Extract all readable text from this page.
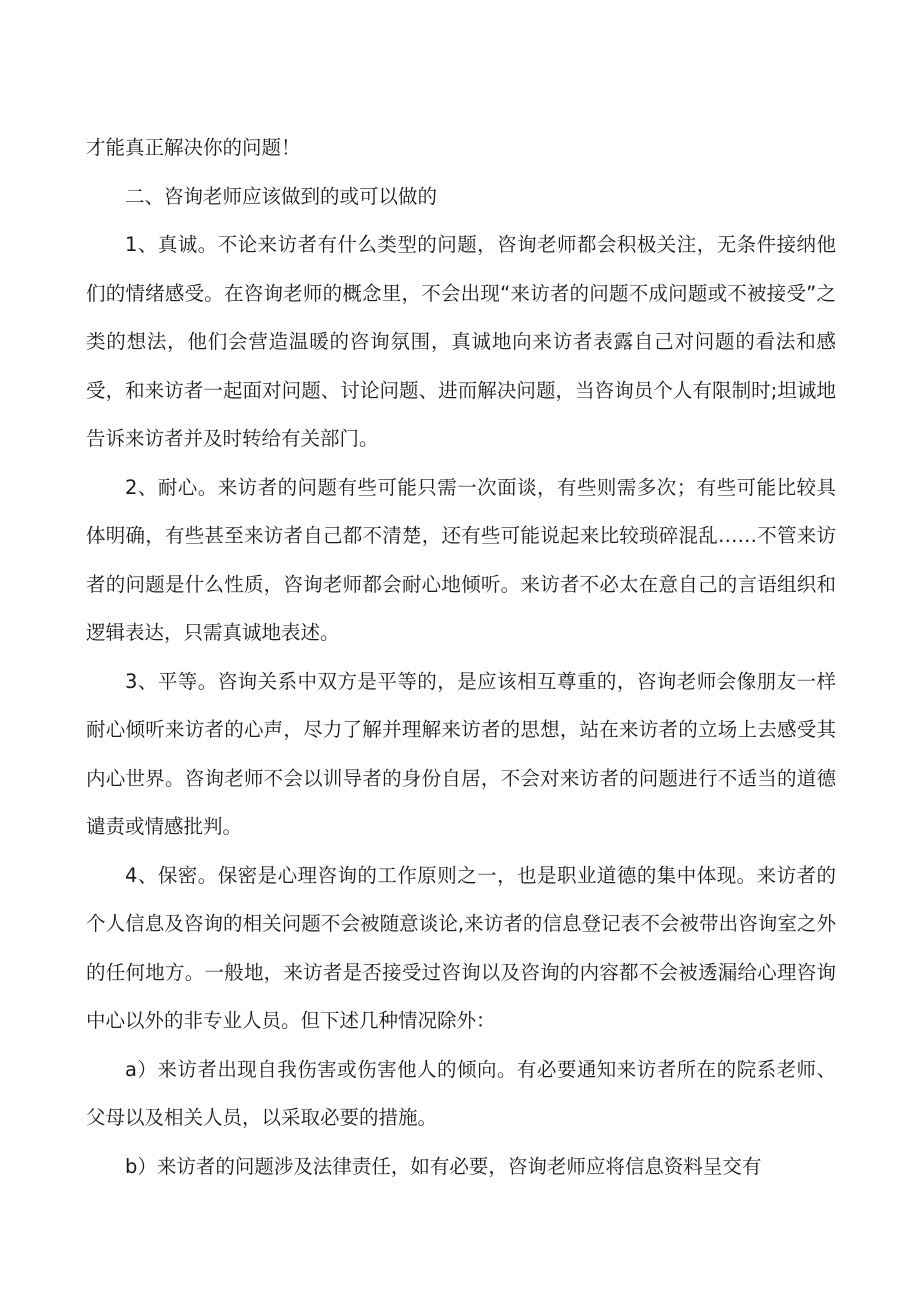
才能真正解决你的问题！

二、咨询老师应该做到的或可以做的

1、真诚。不论来访者有什么类型的问题，咨询老师都会积极关注，无条件接纳他们的情绪感受。在咨询老师的概念里，不会出现“来访者的问题不成问题或不被接受”之类的想法，他们会营造温暖的咨询氛围，真诚地向来访者表露自己对问题的看法和感受，和来访者一起面对问题、讨论问题、进而解决问题，当咨询员个人有限制时;坦诚地告诉来访者并及时转给有关部门。

2、耐心。来访者的问题有些可能只需一次面谈，有些则需多次；有些可能比较具体明确，有些甚至来访者自己都不清楚，还有些可能说起来比较琐碎混乱……不管来访者的问题是什么性质，咨询老师都会耐心地倾听。来访者不必太在意自己的言语组织和逻辑表达，只需真诚地表述。

3、平等。咨询关系中双方是平等的，是应该相互尊重的，咨询老师会像朋友一样耐心倾听来访者的心声，尽力了解并理解来访者的思想，站在来访者的立场上去感受其内心世界。咨询老师不会以训导者的身份自居，不会对来访者的问题进行不适当的道德谴责或情感批判。

4、保密。保密是心理咨询的工作原则之一，也是职业道德的集中体现。来访者的个人信息及咨询的相关问题不会被随意谈论,来访者的信息登记表不会被带出咨询室之外的任何地方。一般地，来访者是否接受过咨询以及咨询的内容都不会被透漏给心理咨询中心以外的非专业人员。但下述几种情况除外：

a）来访者出现自我伤害或伤害他人的倾向。有必要通知来访者所在的院系老师、父母以及相关人员，以采取必要的措施。

b）来访者的问题涉及法律责任，如有必要，咨询老师应将信息资料呈交有
